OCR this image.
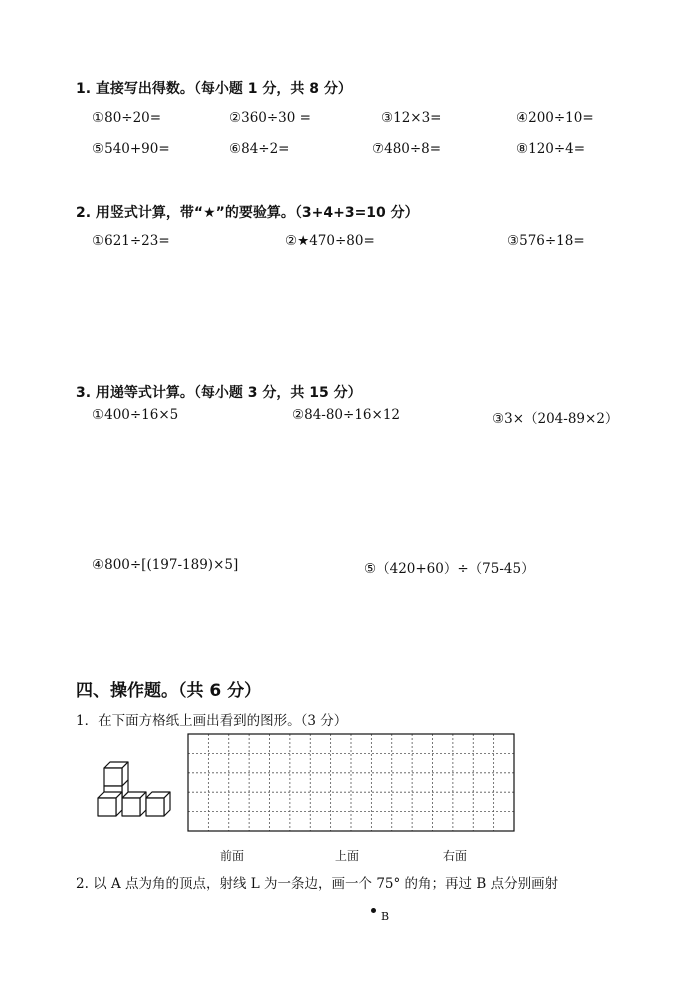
1. 直接写出得数。（每小题 1 分，共 8 分）
①80÷20=	②360÷30 =	③12×3=	④200÷10=
⑤540+90=	⑥84÷2=	⑦480÷8=	⑧120÷4=
2. 用竖式计算，带“★”的要验算。（3+4+3=10 分）
①621÷23=	②★470÷80=	③576÷18=
3. 用递等式计算。（每小题 3 分，共 15 分）
①400÷16×5	②84-80÷16×12	③3×（204-89×2）
④800÷[(197-189)×5]	⑤（420+60）÷（75-45）
四、操作题。（共 6 分）
1．在下面方格纸上画出看到的图形。（3 分）
前面	上面	右面
2. 以 A 点为角的顶点，射线 L 为一条边，画一个 75° 的角；再过 B 点分别画射
B
